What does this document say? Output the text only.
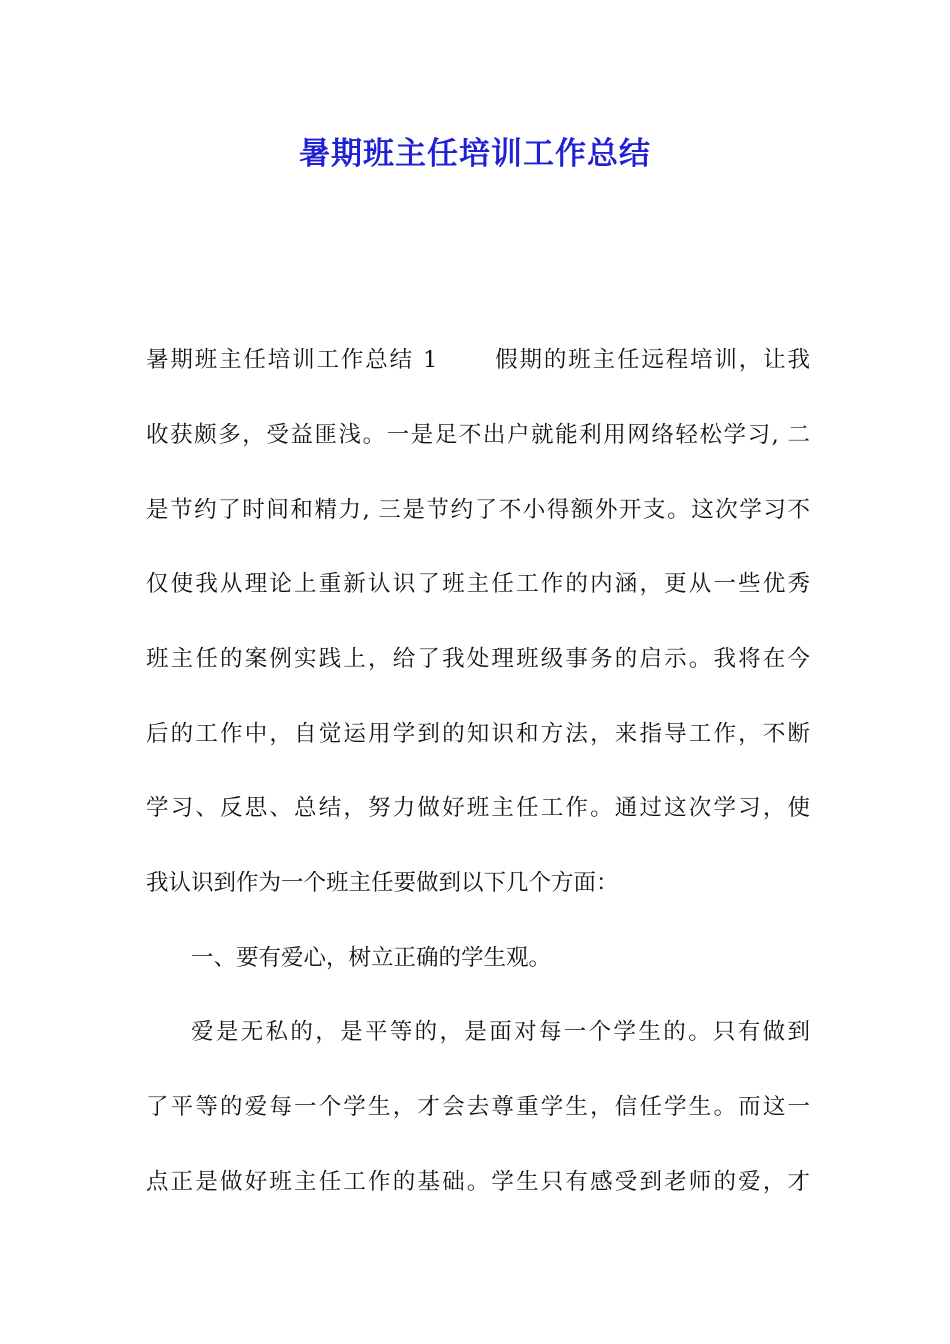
暑期班主任培训工作总结
暑期班主任培训工作总结 1 假期的班主任远程培训，让我
收获颇多，受益匪浅。一是足不出户就能利用网络轻松学习, 二
是节约了时间和精力, 三是节约了不小得额外开支。这次学习不
仅使我从理论上重新认识了班主任工作的内涵，更从一些优秀
班主任的案例实践上，给了我处理班级事务的启示。我将在今
后的工作中，自觉运用学到的知识和方法，来指导工作，不断
学习、反思、总结，努力做好班主任工作。通过这次学习，使
我认识到作为一个班主任要做到以下几个方面：
一、要有爱心，树立正确的学生观。
爱是无私的，是平等的，是面对每一个学生的。只有做到
了平等的爱每一个学生，才会去尊重学生，信任学生。而这一
点正是做好班主任工作的基础。学生只有感受到老师的爱，才
